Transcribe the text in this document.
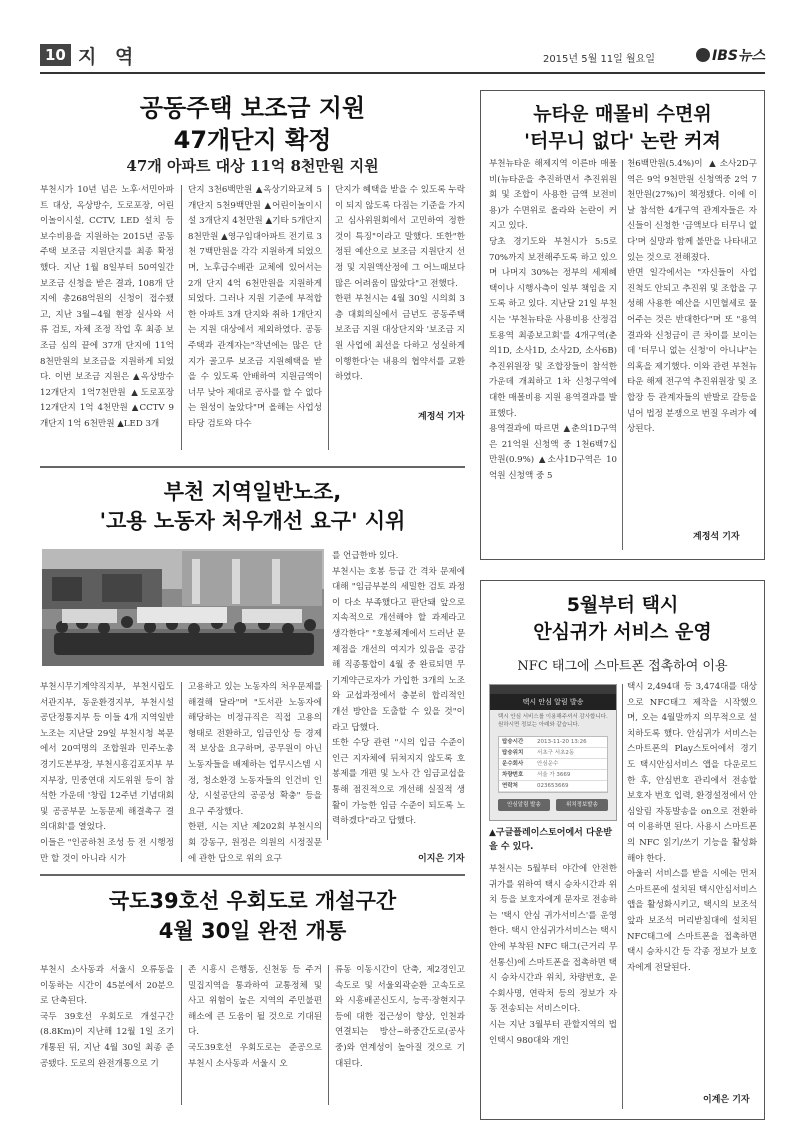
10 지 역	2015년 5월 11일 월요일	IBS뉴스
공동주택 보조금 지원
47개단지 확정
47개 아파트 대상 11억 8천만원 지원
부천시가 10년 넘은 노후·서민아파트 대상, 옥상방수, 도로포장, 어린이놀이시설, CCTV, LED 설치 등 보수비용을 지원하는 2015년 공동주택 보조금 지원단지를 최종 확정했다. 지난 1월 8일부터 50여일간 보조금 신청을 받은 결과, 108개 단지에 총268억원의 신청이 접수됐고, 지난 3월~4월 현장 실사와 서류 검토, 자체 조정 작업 후 최종 보조금 심의 끝에 37개 단지에 11억 8천만원의 보조금을 지원하게 되었다. 이번 보조금 지원은 ▲옥상방수 12개단지 1억7천만원 ▲도로포장 12개단지 1억 4천만원 ▲CCTV 9개단지 1억 6천만원 ▲LED 3개
단지 3천6백만원 ▲옥상기와교체 5개단지 5천9백만원 ▲어린이놀이시설 3개단지 4천만원 ▲기타 5개단지 8천만원 ▲영구임대아파트 전기료 3천 7백만원을 각각 지원하게 되었으며, 노후급수배관 교체에 있어서는 2개 단지 4억 6천만원을 지원하게 되었다. 그러나 지원 기준에 부적합한 아파트 3개 단지와 취하 1개단지는 지원 대상에서 제외하였다. 공동주택과 관계자는"작년에는 많은 단지가 골고루 보조금 지원혜택을 받을 수 있도록 안배하여 지원금액이 너무 낮아 제대로 공사를 할 수 없다는 원성이 높았다"며 올해는 사업성 타당 검토와 다수
단지가 혜택을 받을 수 있도록 누락이 되지 않도록 다짐는 기준을 가지고 심사위원회에서 고민하여 정한 것이 특징"이라고 말했다. 또한"한정된 예산으로 보조금 지원단지 선정 및 지원액산정에 그 어느때보다 많은 어려움이 많았다"고 전했다.
한편 부천시는 4월 30일 시의회 3층 대회의실에서 금년도 공동주택 보조금 지원 대상단지와 '보조금 지원 사업에 최선을 다하고 성실하게 이행한다'는 내용의 협약서를 교환하였다.
계정석 기자
부천 지역일반노조,
'고용 노동자 처우개선 요구' 시위
를 언급한바 있다.
부천시는 호봉 등급 간 격차 문제에 대해 "임금부분의 세밀한 검토 과정이 다소 부족했다고 판단돼 앞으로 지속적으로 개선해야 할 과제라고 생각한다" "호봉체계에서 드러난 문제점을 개선의 여지가 있음을 공감해 직종통합이 4월 중 완료되면 무기계약근로자가 가입한 3개의 노조와 교섭과정에서 충분히 합리적인 개선 방안을 도출할 수 있을 것"이라고 답했다.
또한 수당 관련 "시의 입금 수준이 인근 지자체에 뒤쳐지지 않도록 호봉제를 개편 및 노사 간 임금교섭을 통해 점진적으로 개선해 실질적 생활이 가능한 임금 수준이 되도록 노력하겠다"라고 답했다.
부천시무기계약직지부, 부천시립도서관지부, 동운환경지부, 부천시설공단정통지부 등 이들 4개 지역일반노조는 지난달 29일 부천시청 복문에서 20여명의 조합원과 민주노총 경기도본부장, 부천시흥김포지부 부지부장, 민중연대 지도위원 등이 참석한 가운데 '창립 12주년 기념대회 및 공공부문 노동문제 해결촉구 결의대회'를 열었다.
이들은 "인공하천 조성 등 전 시행정만 할 것이 아니라 시가
고용하고 있는 노동자의 처우문제를 해결해 달라"며 "도서관 노동자에 해당하는 비정규직은 직접 고용의 형태로 전환하고, 임금인상 등 경제적 보상을 요구하며, 공무원이 아닌 노동자들을 배제하는 업무시스템 시정, 청소환경 노동자들의 인건비 인상, 시설공단의 공공성 확충" 등을 요구 주장했다.
한편, 시는 지난 제202회 부천시의회 강동구, 원정은 의원의 시정질문에 관한 답으로 위의 요구	이지은 기자
국도39호선 우회도로 개설구간
4월 30일 완전 개통
부천시 소사동과 서울시 오류동을 이동하는 시간이 45분에서 20분으로 단축된다.
국두 39호선 우회도로 개설구간(8.8Km)이 지난해 12월 1일 조기 개통된 뒤, 지난 4월 30일 최종 준공됐다. 도로의 완전개통으로 기
존 시흥시 은행동, 신천동 등 주거 밀집지역을 통과하여 교통정체 및 사고 위험이 높은 지역의 주민불편해소에 큰 도움이 될 것으로 기대된다.
국도39호선 우회도로는 준공으로 부천시 소사동과 서울시 오
류동 이동시간이 단축, 제2경인고속도로 및 서울외곽순환 고속도로와 시흥배곧신도시, 능곡·장현지구 등에 대한 접근성이 향상, 인천과 연결되는 방산~하중간도로(공사 중)와 연계성이 높아질 것으로 기대된다.
뉴타운 매몰비 수면위
'터무니 없다' 논란 커져
부천뉴타운 해제지역 이른바 매몰비(뉴타운을 추진하면서 추진위원회 및 조합이 사용한 금액 보전비용)가 수면위로 올라와 논란이 커지고 있다.
당초 경기도와 부천시가 5:5로 70%까지 보전해주도록 하고 있으며 나머지 30%는 정부의 세제혜택이나 시행사측이 일부 책임을 지도록 하고 있다. 지난달 21일 부천시는 '부천뉴타운 사용비용 산정검토용역 최종보고회'를 4개구역(춘의1D, 소사1D, 소사2D, 소사6B) 추진위원장 및 조합장들이 참석한 가운데 개최하고 1차 신청구역에 대한 매몰비용 지원 용역결과를 발표했다.
용역결과에 따르면 ▲춘의1D구역은 21억원 신청액 중 1천6백7십만원(0.9%) ▲소사1D구역은 10억원 신청액 중 5
천6백만원(5.4%)이 ▲소사2D구역은 9억 9천만원 신청액중 2억 7천만원(27%)이 책정됐다. 이에 이날 참석한 4개구역 관계자들은 자신들이 신청한 '금액보다 터무니 없다'며 실망과 함께 불만을 나타내고 있는 것으로 전해졌다.
반면 일각에서는 "자신들이 사업 진척도 안되고 추진위 및 조합을 구성해 사용한 예산을 시민혈세로 물어주는 것은 반대한다"며 또 "용역 결과와 신청금이 큰 차이를 보이는데 '터무니 없는 신청'이 아니냐"는 의혹을 제기했다. 이와 관련 부천뉴타운 해제 전구역 추진위원장 및 조합장 등 관계자들의 반발로 갈등을 넘어 법정 분쟁으로 번질 우려가 예상된다.
계정석 기자
5월부터 택시
안심귀가 서비스 운영
NFC 태그에 스마트폰 접촉하여 이용
택시 안심 알림 발송
택시 안심 서비스를 이용해주셔서 감사합니다.
원하시면 정보는 아래와 같습니다.
탑승시간	2013-11-20 13:26
탑승위치	서초구 서초2동
운수회사	안심운수
차량번호	서울 가 3669
연락처	023653669
안심알림 발송	위치정보발송
▲구글플레이스토어에서 다운받을 수 있다.
부천시는 5월부터 야간에 안전한 귀가를 위하여 택시 승차시간과 위치 등을 보호자에게 문자로 전송하는 '택시 안심 귀가서비스'를 운영한다. 택시 안심귀가서비스는 택시 안에 부착된 NFC 태그(근거리 무선통신)에 스마트폰을 접촉하면 택시 승차시간과 위치, 차량번호, 운수회사명, 연락처 등의 정보가 자동 전송되는 서비스이다.
시는 지난 3월부터 관할지역의 법인택시 980대와 개인
택시 2,494대 등 3,474대를 대상으로 NFC태그 제작을 시작했으며, 오는 4월말까지 의무적으로 설치하도록 했다. 안심귀가 서비스는 스마트폰의 Play스토어에서 경기도 택시안심서비스 앱을 다운로드한 후, 안심번호 관리에서 전송할 보호자 번호 입력, 환경설정에서 안심알림 자동발송을 on으로 전환하여 이용하면 된다. 사용시 스마트폰의 NFC 읽기/쓰기 기능을 활성화해야 한다.
아울러 서비스를 받을 시에는 먼저 스마트폰에 설치된 택시안심서비스 앱을 활성화시키고, 택시의 보조석 앞과 보조석 머리받침대에 설치된 NFC태그에 스마트폰을 접촉하면 택시 승차시간 등 각종 정보가 보호자에게 전달된다.
이계은 기자
